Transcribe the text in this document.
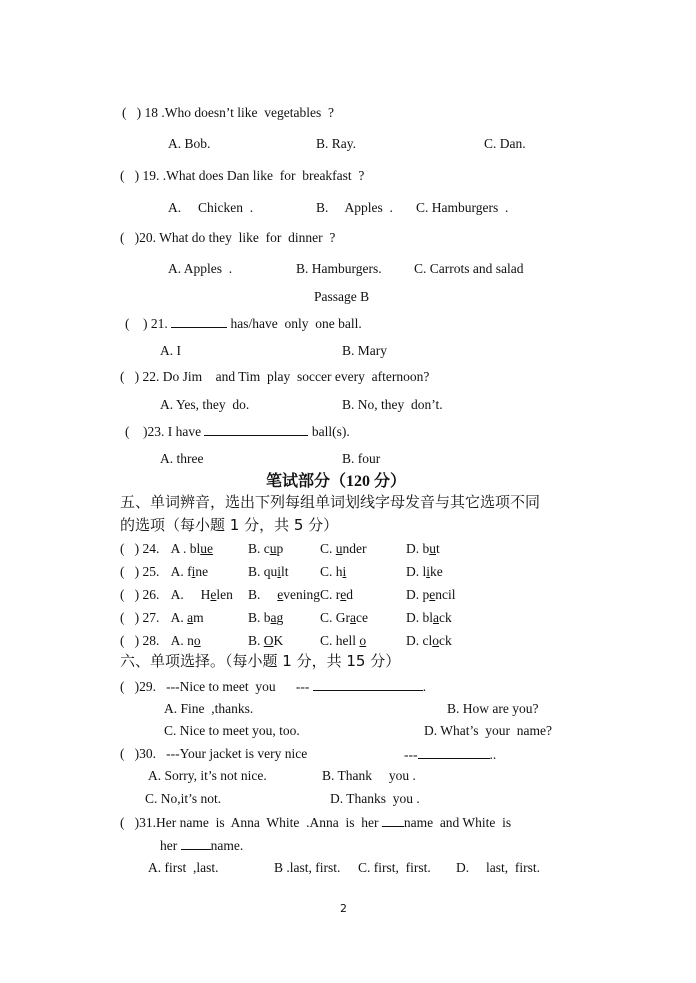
(   ) 18 .Who doesn’t like  vegetables  ?
A. Bob.	B. Ray.	C. Dan.
(   ) 19. .What does Dan like  for  breakfast  ?
A.     Chicken  .	B.     Apples  . C. Hamburgers  .
(   )20. What do they  like  for  dinner  ?
A. Apples  .	B. Hamburgers. C. Carrots and salad
Passage B
(    ) 21.	has/have  only  one ball.
A. I	B. Mary
(   ) 22. Do Jim    and Tim  play  soccer every  afternoon?
A. Yes, they  do.	B. No, they  don’t.
(    )23. I have	ball(s).
A. three	B. four
笔试部分（120 分）
五、单词辨音，选出下列每组单词划线字母发音与其它选项不同
的选项（每小题 1 分，共 5 分）
(   ) 24. A . blue	B. cup	C. under	D. but
(   ) 25. A. fine	B. quilt C. hi	D. like
(   ) 26. A.     Helen B.     evening C. red	D. pencil
(   ) 27. A. am	B. bag	C. Grace	D. black
(   ) 28. A. no	B. OK	C. hell o	D. clock
六、单项选择。（每小题 1 分，共 15 分）
(   )29.   ---Nice to meet  you      ---	.
A. Fine  ,thanks.	B. How are you?
C. Nice to meet you, too.	D. What’s  your  name?
(   )30.   ---Your jacket is very nice	---	..
A. Sorry, it’s not nice.	B. Thank     you .
C. No,it’s not.	D. Thanks  you .
(   )31.Her name  is  Anna  White  .Anna  is  her name  and White  is
her name.
A. first  ,last.	B .last, first. C. first,  first. D.     last,  first.
2
